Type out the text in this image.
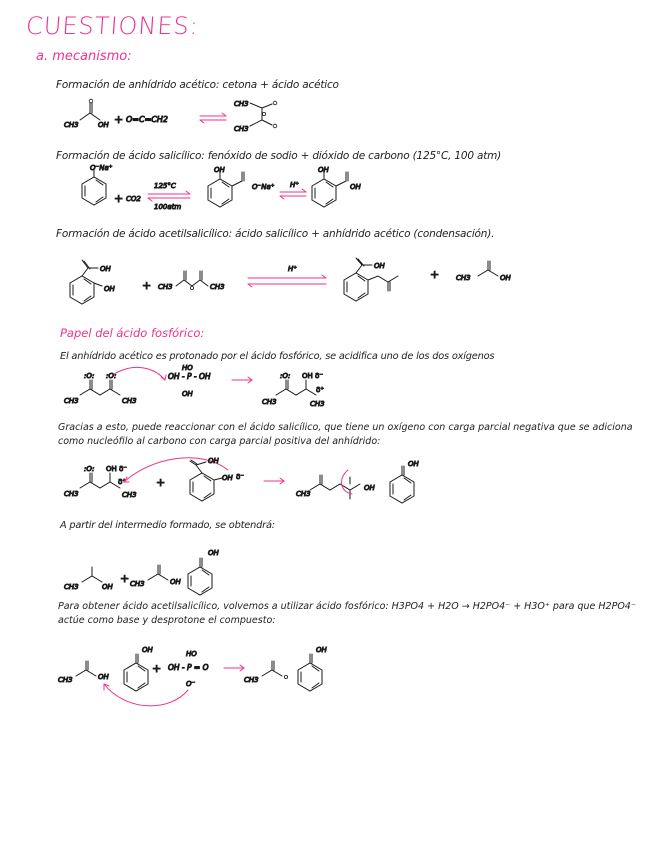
CUESTIONES:
a. mecanismo:
Formación de anhídrido acético: cetona + ácido acético
Formación de ácido salicílico: fenóxido de sodio + dióxido de carbono (125°C, 100 atm)
Formación de ácido acetilsalicílico: ácido salicílico + anhídrido acético (condensación).
Papel del ácido fosfórico:
El anhídrido acético es protonado por el ácido fosfórico, se acidifica uno de los dos oxígenos
Gracias a esto, puede reaccionar con el ácido salicílico, que tiene un oxígeno con carga parcial negativa que se adiciona como nucleófilo al carbono con carga parcial positiva del anhídrido:
A partir del intermedio formado, se obtendrá:
Para obtener ácido acetilsalicílico, volvemos a utilizar ácido fosfórico: H3PO4 + H2O → H2PO4⁻ + H3O⁺ para que H2PO4⁻ actúe como base y desprotone el compuesto:
CH3	OH + O=C=CH2
CH3
CH3
O⁻Na⁺
+ CO2
125°C
100atm
OH
O⁻Na⁺ H⁺
OH
OH
OH
OH + CH3	CH3
H⁺	OH
+ CH3	OH
:O: :O:
CH3	CH3
OH - P - OH
HO
OH
:O: OH δ⁻
δ⁺
CH3	CH3
:O: OH δ⁻
δ⁺
CH3	CH3
+
OH
OH δ⁻
CH3
OH
OH
CH3	OH
+ CH3	OH
OH
CH3	OH
OH
+ OH - P = O
HO
O⁻	CH3
OH
